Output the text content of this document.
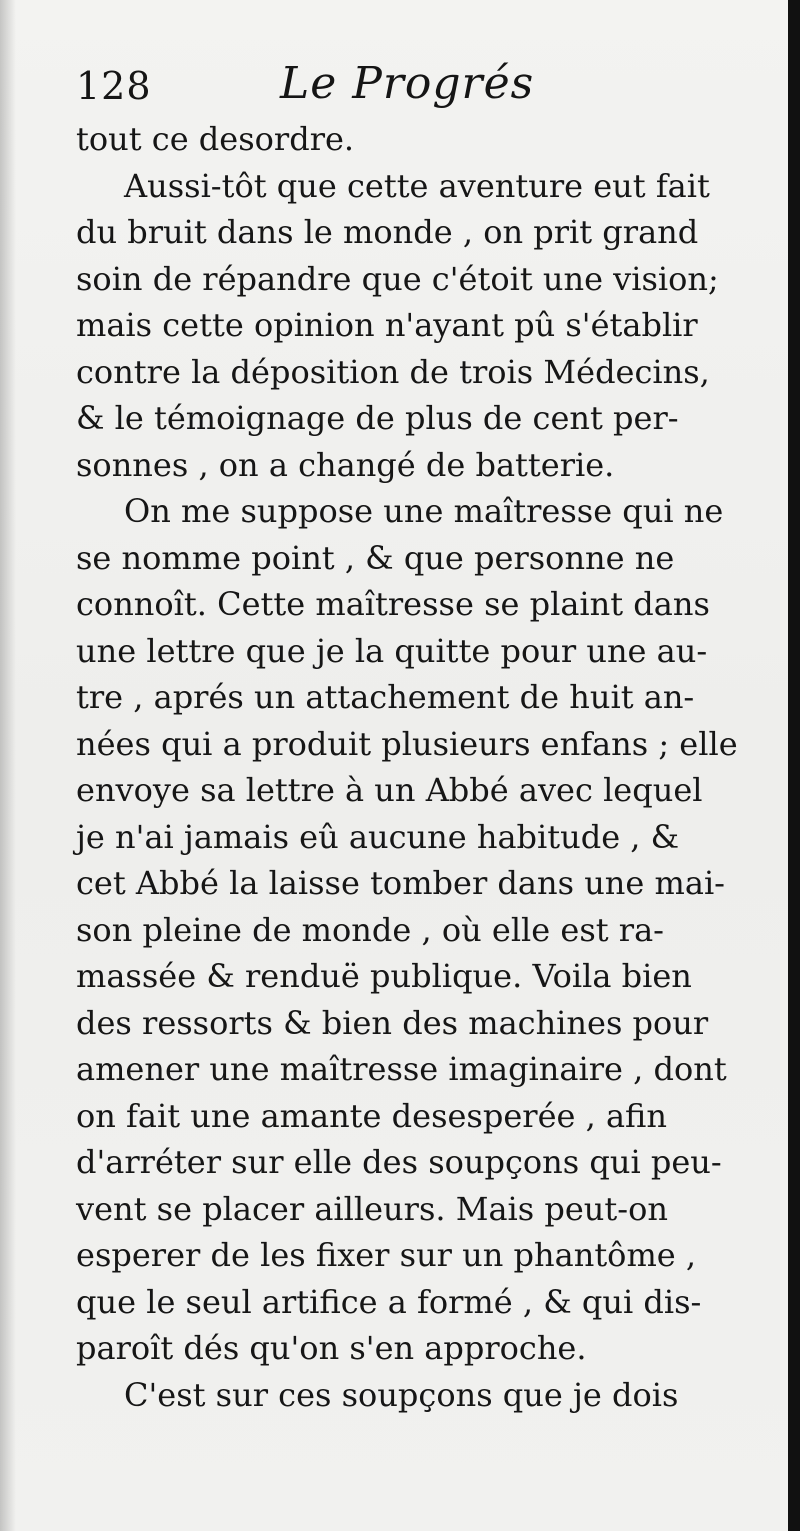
128	Le Progrés
tout ce desordre.
Aussi-tôt que cette aventure eut fait
du bruit dans le monde , on prit grand
soin de répandre que c'étoit une vision;
mais cette opinion n'ayant pû s'établir
contre la déposition de trois Médecins,
& le témoignage de plus de cent per-
sonnes , on a changé de batterie.
On me suppose une maîtresse qui ne
se nomme point , & que personne ne
connoît. Cette maîtresse se plaint dans
une lettre que je la quitte pour une au-
tre , aprés un attachement de huit an-
nées qui a produit plusieurs enfans ; elle
envoye sa lettre à un Abbé avec lequel
je n'ai jamais eû aucune habitude , &
cet Abbé la laisse tomber dans une mai-
son pleine de monde , où elle est ra-
massée & renduë publique. Voila bien
des ressorts & bien des machines pour
amener une maîtresse imaginaire , dont
on fait une amante desesperée , afin
d'arréter sur elle des soupçons qui peu-
vent se placer ailleurs. Mais peut-on
esperer de les fixer sur un phantôme ,
que le seul artifice a formé , & qui dis-
paroît dés qu'on s'en approche.
C'est sur ces soupçons que je dois
